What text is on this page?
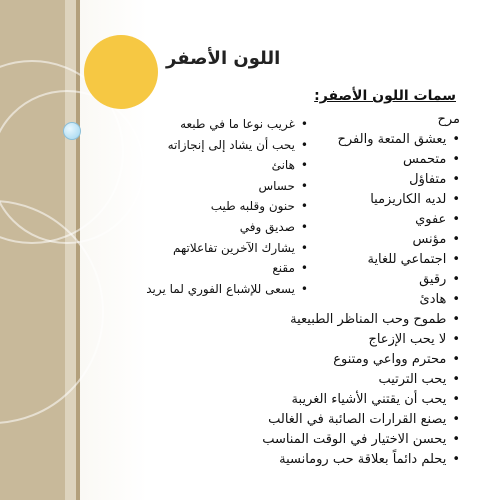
اللون الأصفر
سمات اللون الأصفر:
مرح
• يعشق المتعة والفرح
• متحمس
• متفاؤل
• لديه الكاريزميا
• عفوي
• مؤنس
• اجتماعي للغاية
• رقيق
• هادئ
• طموح وحب المناظر الطبيعية
• لا يحب الإزعاج
• محترم وواعي ومتنوع
• يحب الترتيب
• يحب أن يقتني الأشياء الغريبة
• يصنع القرارات الصائبة في الغالب
• يحسن الاختيار في الوقت المناسب
• يحلم دائماً بعلاقة حب رومانسية
• غريب نوعا ما في طبعه
• يحب أن يشاد إلى إنجازاته
• هانئ
• حساس
• حنون وقلبه طيب
• صديق وفي
• يشارك الآخرين تفاعلاتهم
• مقنع
• يسعى للإشباع الفوري لما يريد
